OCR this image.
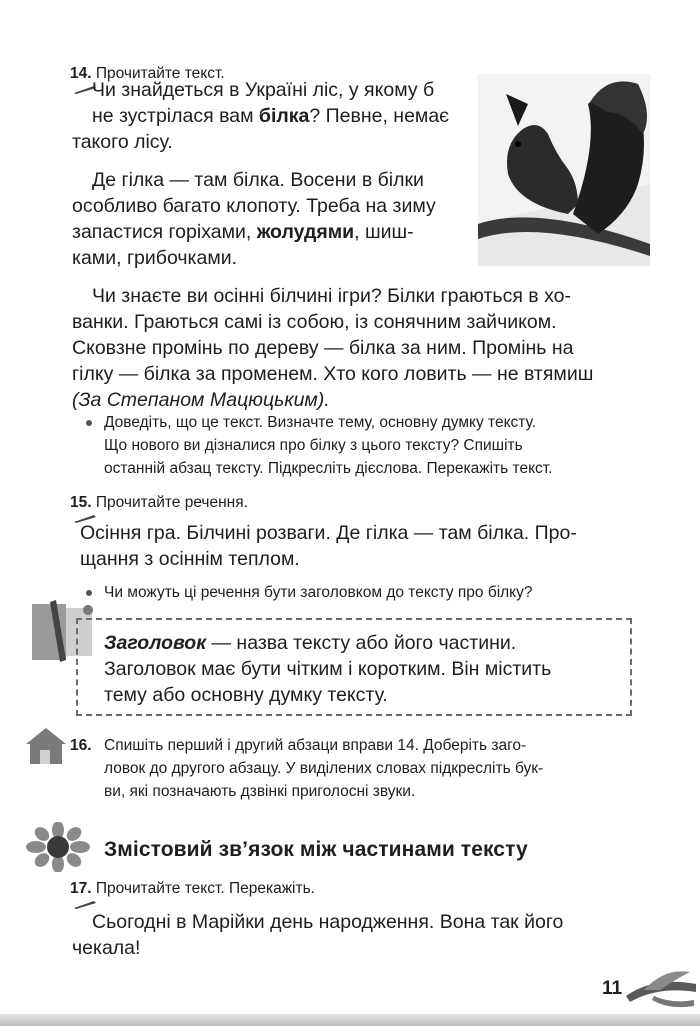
14. Прочитайте текст.
Чи знайдеться в Україні ліс, у якому б
не зустрілася вам білка? Певне, немає
такого лісу.
Де гілка — там білка. Восени в білки
особливо багато клопоту. Треба на зиму
запастися горіхами, жолудями, шиш-
ками, грибочками.
Чи знаєте ви осінні білчині ігри? Білки граються в хо-
ванки. Граються самі із собою, із сонячним зайчиком.
Сковзне промінь по дереву — білка за ним. Промінь на
гілку — білка за променем. Хто кого ловить — не втямиш
(За Степаном Мацюцьким).
Доведіть, що це текст. Визначте тему, основну думку тексту.
Що нового ви дізналися про білку з цього тексту? Спишіть
останній абзац тексту. Підкресліть дієслова. Перекажіть текст.
15. Прочитайте речення.
Осіння гра. Білчині розваги. Де гілка — там білка. Про-
щання з осіннім теплом.
Чи можуть ці речення бути заголовком до тексту про білку?
Заголовок — назва тексту або його частини.
Заголовок має бути чітким і коротким. Він містить
тему або основну думку тексту.
16. Спишіть перший і другий абзаци вправи 14. Доберіть заго-
ловок до другого абзацу. У виділених словах підкресліть бук-
ви, які позначають дзвінкі приголосні звуки.
Змістовий зв’язок між частинами тексту
17. Прочитайте текст. Перекажіть.
Сьогодні в Марійки день народження. Вона так його
чекала!
11
